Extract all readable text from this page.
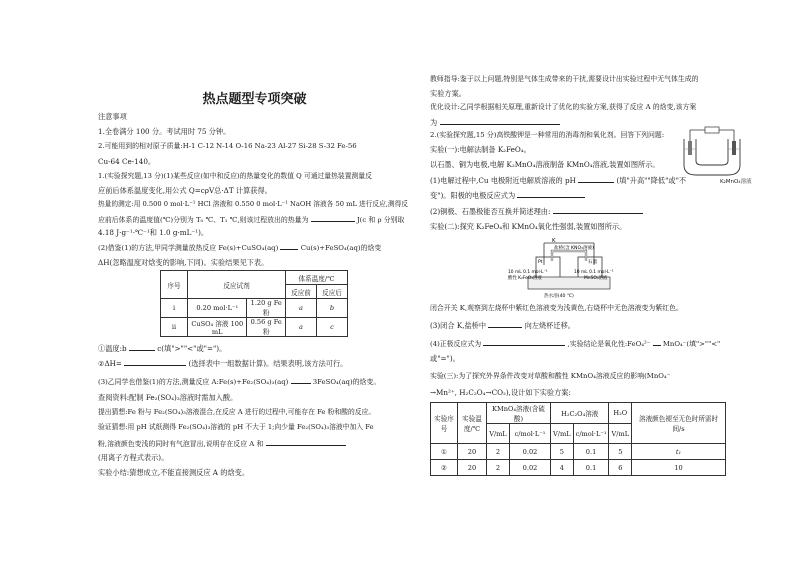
热点题型专项突破
注意事项
1.全卷满分 100 分。考试用时 75 分钟。
2.可能用到的相对原子质量:H-1 C-12 N-14 O-16 Na-23 Al-27 Si-28 S-32 Fe-56
Cu-64 Ce-140。
1.(实验探究题,13 分)(1)某些反应(如中和反应)的热量变化的数值 Q 可通过量热装置测量反
应前后体系温度变化,用公式 Q=cρV总·ΔT 计算获得。
热量的测定:用 0.500 0 mol·L⁻¹ HCl 溶液和 0.550 0 mol·L⁻¹ NaOH 溶液各 50 mL 进行反应,测得反
应前后体系的温度值(℃)分别为 T₀ ℃、T₁ ℃,则该过程放出的热量为	J(c 和 ρ 分别取
4.18 J·g⁻¹·℃⁻¹和 1.0 g·mL⁻¹)。
(2)借鉴(1)的方法,甲同学测量放热反应 Fe(s)+CuSO₄(aq)	Cu(s)+FeSO₄(aq)的焓变
ΔH(忽略温度对焓变的影响,下同)。实验结果见下表。
序号	反应试剂		体系温度/℃	
			反应前	反应后
i	0.20 mol·L⁻¹	1.20 g Fe 粉	a	b
ii	CuSO₄ 溶液 100 mL	0.56 g Fe 粉	a	c
①温度:b	c(填">""<"或"=")。
②ΔH=	(选择表中一组数据计算)。结果表明,该方法可行。
(3)乙同学也借鉴(1)的方法,测量反应 A:Fe(s)+Fe₂(SO₄)₃(aq)	3FeSO₄(aq)的焓变。
查阅资料:配制 Fe₂(SO₄)₃溶液时需加入酸。
提出猜想:Fe 粉与 Fe₂(SO₄)₃溶液混合,在反应 A 进行的过程中,可能存在 Fe 粉和酸的反应。
验证猜想:用 pH 试纸测得 Fe₂(SO₄)₃溶液的 pH 不大于 1;向少量 Fe₂(SO₄)₃溶液中加入 Fe
粉,溶液颜色变浅的同时有气泡冒出,说明存在反应 A 和
(用离子方程式表示)。
实验小结:猜想成立,不能直接测反应 A 的焓变。
教师指导:鉴于以上问题,特别是气体生成带来的干扰,需要设计出实验过程中无气体生成的
实验方案。
优化设计:乙同学根据相关原理,重新设计了优化的实验方案,获得了反应 A 的焓变,该方案
为
2.(实验探究题,15 分)高铁酸钾是一种常用的消毒剂和氧化剂。回答下列问题:
实验(一):电解法制备 K₂FeO₄。
以石墨、铜为电极,电解 K₂MnO₄溶液制备 KMnO₄溶液,装置如图所示。
(1)电解过程中,Cu 电极附近电解质溶液的 pH	(填"升高""降低"或"不
变")。阳极的电极反应式为
(2)铜极、石墨极能否互换并简述理由:
实验(二):探究 K₂FeO₄和 KMnO₄氧化性强弱,装置如图所示。
K₂MnO₄溶液
K
盐桥(含 KNO₃溶液)
Pt	石墨
10 mL 0.1 mol·L⁻¹
酸性 K₂FeO₄溶液
10 mL 0.1 mol·L⁻¹
MnSO₄溶液
热水浴(40 ℃)
闭合开关 K,观察到左烧杯中紫红色溶液变为浅黄色,右烧杯中无色溶液变为紫红色。
(3)闭合 K,盐桥中	向左烧杯迁移。
(4)正极反应式为	,实验结论是氧化性:FeO₄²⁻ MnO₄⁻(填">""<"
或"=")。
实验(三):为了探究外界条件改变对草酸和酸性 KMnO₄溶液反应的影响(MnO₄⁻
→Mn²⁺, H₂C₂O₄→CO₂),设计如下实验方案:
实验序号	实验温度/℃	KMnO₄溶液(含硫酸)		H₂C₂O₄溶液		H₂O	溶液颜色褪至无色时所需时间/s
		V/mL	c/mol·L⁻¹	V/mL	c/mol·L⁻¹	V/mL	
①	20	2	0.02	5	0.1	5	t₁
②	20	2	0.02	4	0.1	6	10
